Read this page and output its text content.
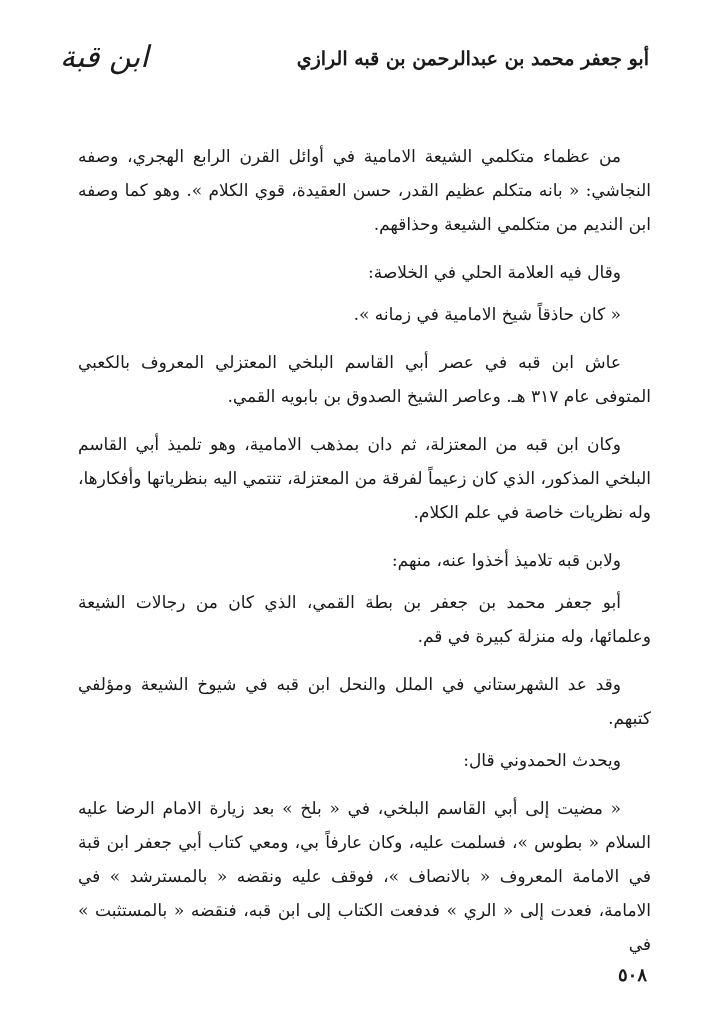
أبو جعفر محمد بن عبدالرحمن بن قبه الرازي
ابن قبة

من عظماء متكلمي الشيعة الامامية في أوائل القرن الرابع الهجري، وصفه النجاشي: « بانه متكلم عظيم القدر، حسن العقيدة، قوي الكلام ». وهو كما وصفه ابن النديم من متكلمي الشيعة وحذاقهم.

وقال فيه العلامة الحلي في الخلاصة:

« كان حاذقاً شيخ الامامية في زمانه ».

عاش ابن قبه في عصر أبي القاسم البلخي المعتزلي المعروف بالكعبي المتوفى عام ٣١٧ هـ. وعاصر الشيخ الصدوق بن بابويه القمي.

وكان ابن قبه من المعتزلة، ثم دان بمذهب الامامية، وهو تلميذ أبي القاسم البلخي المذكور، الذي كان زعيماً لفرقة من المعتزلة، تنتمي اليه بنظرياتها وأفكارها، وله نظريات خاصة في علم الكلام.

ولابن قبه تلاميذ أخذوا عنه، منهم:

أبو جعفر محمد بن جعفر بن بطة القمي، الذي كان من رجالات الشيعة وعلمائها، وله منزلة كبيرة في قم.

وقد عد الشهرستاني في الملل والنحل ابن قبه في شيوخ الشيعة ومؤلفي كتبهم.

ويحدث الحمدوني قال:

« مضيت إلى أبي القاسم البلخي، في « بلخ » بعد زيارة الامام الرضا عليه السلام « بطوس »، فسلمت عليه، وكان عارفاً بي، ومعي كتاب أبي جعفر ابن قبة في الامامة المعروف « بالانصاف »، فوقف عليه ونقضه « بالمسترشد » في الامامة، فعدت إلى « الري » فدفعت الكتاب إلى ابن قبه، فنقضه « بالمستثبت » في

٥٠٨
